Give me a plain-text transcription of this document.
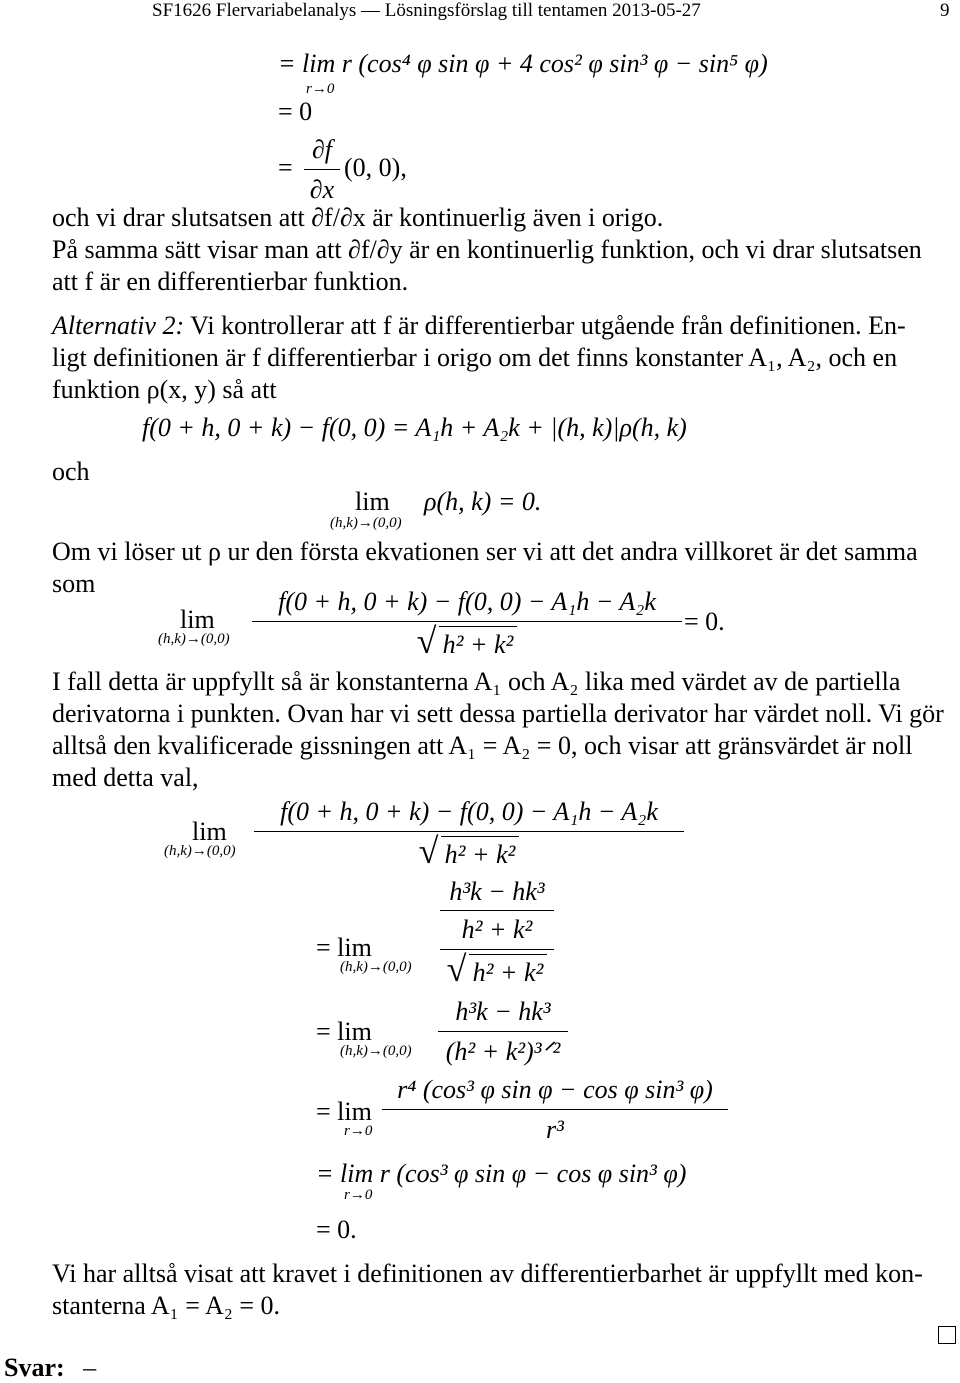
SF1626 Flervariabelanalys — Lösningsförslag till tentamen 2013-05-27	9
= lim r (cos⁴ φ sin φ + 4 cos² φ sin³ φ − sin⁵ φ)
r→0
= 0
=
∂f
∂x
(0, 0),
och vi drar slutsatsen att ∂f/∂x är kontinuerlig även i origo.
På samma sätt visar man att ∂f/∂y är en kontinuerlig funktion, och vi drar slutsatsen
att f är en differentierbar funktion.
Alternativ 2: Vi kontrollerar att f är differentierbar utgående från definitionen. En-
ligt definitionen är f differentierbar i origo om det finns konstanter A₁, A₂, och en
funktion ρ(x, y) så att
f(0 + h, 0 + k) − f(0, 0) = A₁h + A₂k + |(h, k)|ρ(h, k)
och
lim
(h,k)→(0,0)
ρ(h, k) = 0.
Om vi löser ut ρ ur den första ekvationen ser vi att det andra villkoret är det samma
som
lim
(h,k)→(0,0)
f(0 + h, 0 + k) − f(0, 0) − A₁h − A₂k
√ h² + k²
= 0.
I fall detta är uppfyllt så är konstanterna A₁ och A₂ lika med värdet av de partiella
derivatorna i punkten. Ovan har vi sett dessa partiella derivator har värdet noll. Vi gör
alltså den kvalificerade gissningen att A₁ = A₂ = 0, och visar att gränsvärdet är noll
med detta val,
lim
(h,k)→(0,0)
f(0 + h, 0 + k) − f(0, 0) − A₁h − A₂k
√ h² + k²
= lim
(h,k)→(0,0)
h³k − hk³
h² + k²
√ h² + k²
= lim
(h,k)→(0,0)
h³k − hk³
(h² + k²)³ᐟ²
= lim
r→0
r⁴ (cos³ φ sin φ − cos φ sin³ φ)
r³
= lim r (cos³ φ sin φ − cos φ sin³ φ)
r→0
= 0.
Vi har alltså visat att kravet i definitionen av differentierbarhet är uppfyllt med kon-
stanterna A₁ = A₂ = 0.
Svar: –
